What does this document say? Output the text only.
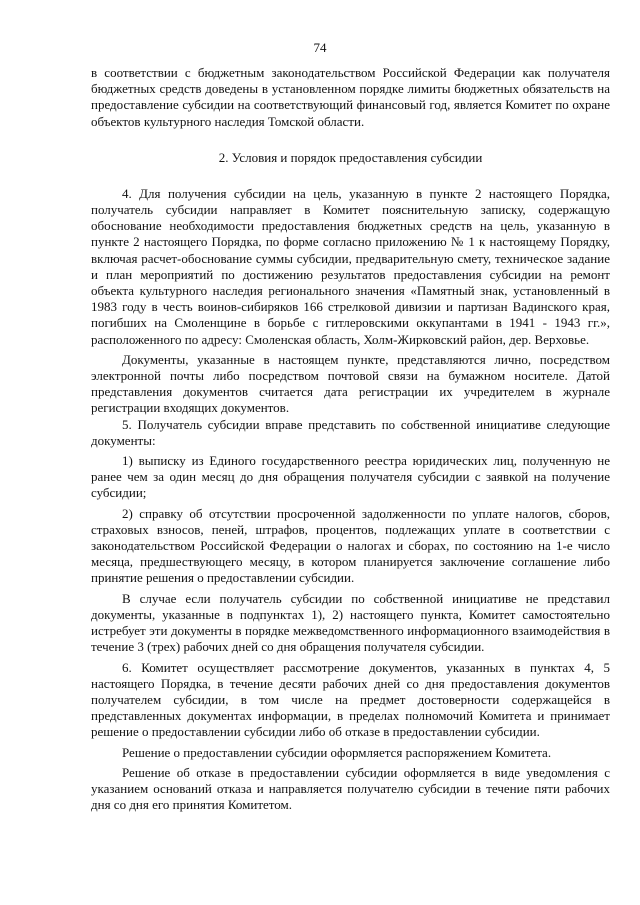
74

в соответствии с бюджетным законодательством Российской Федерации как получателя бюджетных средств доведены в установленном порядке лимиты бюджетных обязательств на предоставление субсидии на соответствующий финансовый год, является Комитет по охране объектов культурного наследия Томской области.

2. Условия и порядок предоставления субсидии

4. Для получения субсидии на цель, указанную в пункте 2 настоящего Порядка, получатель субсидии направляет в Комитет пояснительную записку, содержащую обоснование необходимости предоставления бюджетных средств на цель, указанную в пункте 2 настоящего Порядка, по форме согласно приложению № 1 к настоящему Порядку, включая расчет-обоснование суммы субсидии, предварительную смету, техническое задание и план мероприятий по достижению результатов предоставления субсидии на ремонт объекта культурного наследия регионального значения «Памятный знак, установленный в 1983 году в честь воинов-сибиряков 166 стрелковой дивизии и партизан Вадинского края, погибших на Смоленщине в борьбе с гитлеровскими оккупантами в 1941 - 1943 гг.», расположенного по адресу: Смоленская область, Холм-Жирковский район, дер. Верховье.

Документы, указанные в настоящем пункте, представляются лично, посредством электронной почты либо посредством почтовой связи на бумажном носителе. Датой представления документов считается дата регистрации их учредителем в журнале регистрации входящих документов.

5. Получатель субсидии вправе представить по собственной инициативе следующие документы:

1) выписку из Единого государственного реестра юридических лиц, полученную не ранее чем за один месяц до дня обращения получателя субсидии с заявкой на получение субсидии;

2) справку об отсутствии просроченной задолженности по уплате налогов, сборов, страховых взносов, пеней, штрафов, процентов, подлежащих уплате в соответствии с законодательством Российской Федерации о налогах и сборах, по состоянию на 1-е число месяца, предшествующего месяцу, в котором планируется заключение соглашение либо принятие решения о предоставлении субсидии.

В случае если получатель субсидии по собственной инициативе не представил документы, указанные в подпунктах 1), 2) настоящего пункта, Комитет самостоятельно истребует эти документы в порядке межведомственного информационного взаимодействия в течение 3 (трех) рабочих дней со дня обращения получателя субсидии.

6. Комитет осуществляет рассмотрение документов, указанных в пунктах 4, 5 настоящего Порядка, в течение десяти рабочих дней со дня предоставления документов получателем субсидии, в том числе на предмет достоверности содержащейся в представленных документах информации, в пределах полномочий Комитета и принимает решение о предоставлении субсидии либо об отказе в предоставлении субсидии.

Решение о предоставлении субсидии оформляется распоряжением Комитета.

Решение об отказе в предоставлении субсидии оформляется в виде уведомления с указанием оснований отказа и направляется получателю субсидии в течение пяти рабочих дня со дня его принятия Комитетом.
